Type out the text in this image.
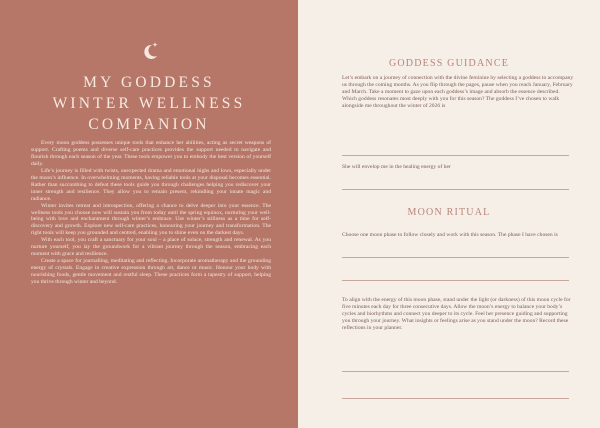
MY GODDESS
WINTER WELLNESS
COMPANION

Every moon goddess possesses unique tools that enhance her abilities, acting as secret weapons of support. Crafting poems and diverse self-care practices provides the support needed to navigate and flourish through each season of the year. These tools empower you to embody the best version of yourself daily.

Life’s journey is filled with twists, unexpected drama and emotional highs and lows, especially under the moon’s influence. In overwhelming moments, having reliable tools at your disposal becomes essential. Rather than succumbing to defeat these tools guide you through challenges helping you rediscover your inner strength and resilience. They allow you to remain present, rekindling your innate magic and radiance.

Winter invites retreat and introspection, offering a chance to delve deeper into your essence. The wellness tools you choose now will sustain you from today until the spring equinox, nurturing your well-being with love and enchantment through winter’s embrace. Use winter’s stillness as a time for self-discovery and growth. Explore new self-care practices, honouring your journey and transformation. The right tools will keep you grounded and centred, enabling you to shine even on the darkest days.

With each tool, you craft a sanctuary for your soul – a place of solace, strength and renewal. As you nurture yourself, you lay the groundwork for a vibrant journey through the season, embracing each moment with grace and resilience.

Create a space for journalling, meditating and reflecting. Incorporate aromatherapy and the grounding energy of crystals. Engage in creative expression through art, dance or music. Honour your body with nourishing foods, gentle movement and restful sleep. These practices form a tapestry of support, helping you thrive through winter and beyond.

GODDESS GUIDANCE
Let’s embark on a journey of connection with the divine feminine by selecting a goddess to accompany us through the coming months. As you flip through the pages, pause when you reach January, February and March. Take a moment to gaze upon each goddess’s image and absorb the essence described. Which goddess resonates most deeply with you for this season? The goddess I’ve chosen to walk alongside me throughout the winter of 2026 is
She will envelop me in the healing energy of her
MOON RITUAL
Choose one moon phase to follow closely and work with this season. The phase I have chosen is
To align with the energy of this moon phase, stand under the light (or darkness) of this moon cycle for five minutes each day for three consecutive days. Allow the moon’s energy to balance your body’s cycles and biorhythms and connect you deeper to its cycle. Feel her presence guiding and supporting you through your journey. What insights or feelings arise as you stand under the moon? Record these reflections in your planner.
